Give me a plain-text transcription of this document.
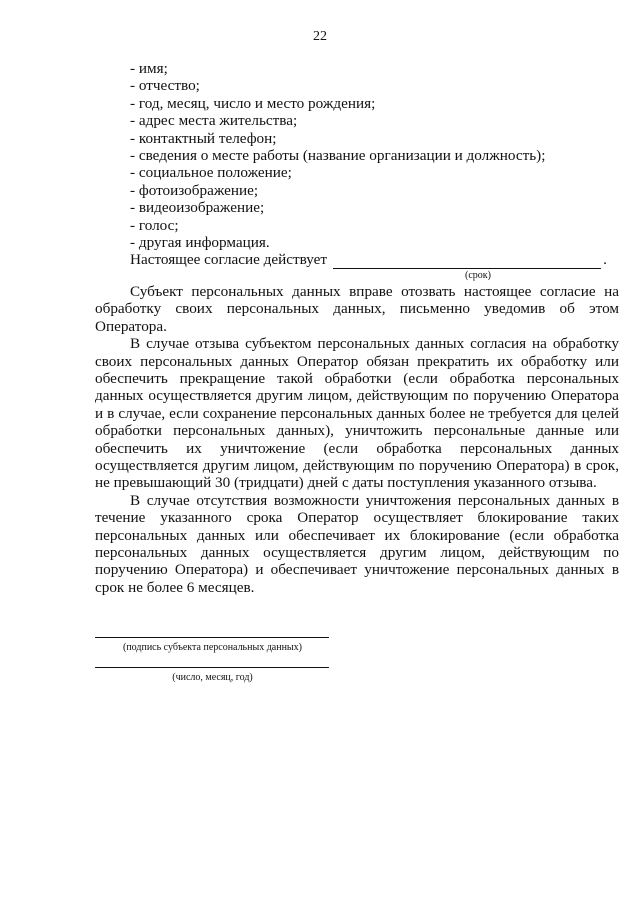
22
- имя;
- отчество;
- год, месяц, число и место рождения;
- адрес места жительства;
- контактный телефон;
- сведения о месте работы (название организации и должность);
- социальное положение;
- фотоизображение;
- видеоизображение;
- голос;
- другая информация.
Настоящее согласие действует	.
(срок)

Субъект персональных данных вправе отозвать настоящее согласие на обработку своих персональных данных, письменно уведомив об этом Оператора.

В случае отзыва субъектом персональных данных согласия на обработку своих персональных данных Оператор обязан прекратить их обработку или обеспечить прекращение такой обработки (если обработка персональных данных осуществляется другим лицом, действующим по поручению Оператора и в случае, если сохранение персональных данных более не требуется для целей обработки персональных данных), уничтожить персональные данные или обеспечить их уничтожение (если обработка персональных данных осуществляется другим лицом, действующим по поручению Оператора) в срок, не превышающий 30 (тридцати) дней с даты поступления указанного отзыва.

В случае отсутствия возможности уничтожения персональных данных в течение указанного срока Оператор осуществляет блокирование таких персональных данных или обеспечивает их блокирование (если обработка персональных данных осуществляется другим лицом, действующим по поручению Оператора) и обеспечивает уничтожение персональных данных в срок не более 6 месяцев.

(подпись субъекта персональных данных)
(число, месяц, год)
